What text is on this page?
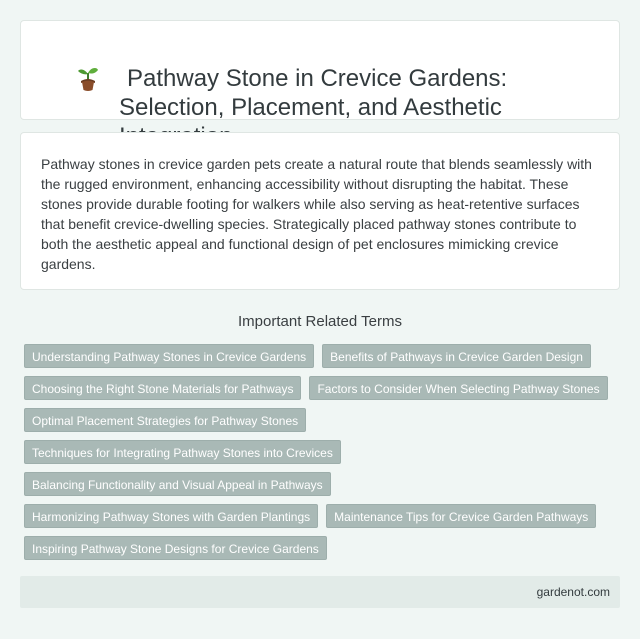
Pathway Stone in Crevice Gardens: Selection, Placement, and Aesthetic

Pathway stones in crevice garden pets create a natural route that blends seamlessly with the rugged environment, enhancing accessibility without disrupting the habitat. These stones provide durable footing for walkers while also serving as heat-retentive surfaces that benefit crevice-dwelling species. Strategically placed pathway stones contribute to both the aesthetic appeal and functional design of pet enclosures mimicking crevice gardens.

Important Related Terms
Understanding Pathway Stones in Crevice Gardens	Benefits of Pathways in Crevice Garden Design
Choosing the Right Stone Materials for Pathways	Factors to Consider When Selecting Pathway Stones
Optimal Placement Strategies for Pathway Stones
Techniques for Integrating Pathway Stones into Crevices
Balancing Functionality and Visual Appeal in Pathways
Harmonizing Pathway Stones with Garden Plantings	Maintenance Tips for Crevice Garden Pathways
Inspiring Pathway Stone Designs for Crevice Gardens
gardenot.com
